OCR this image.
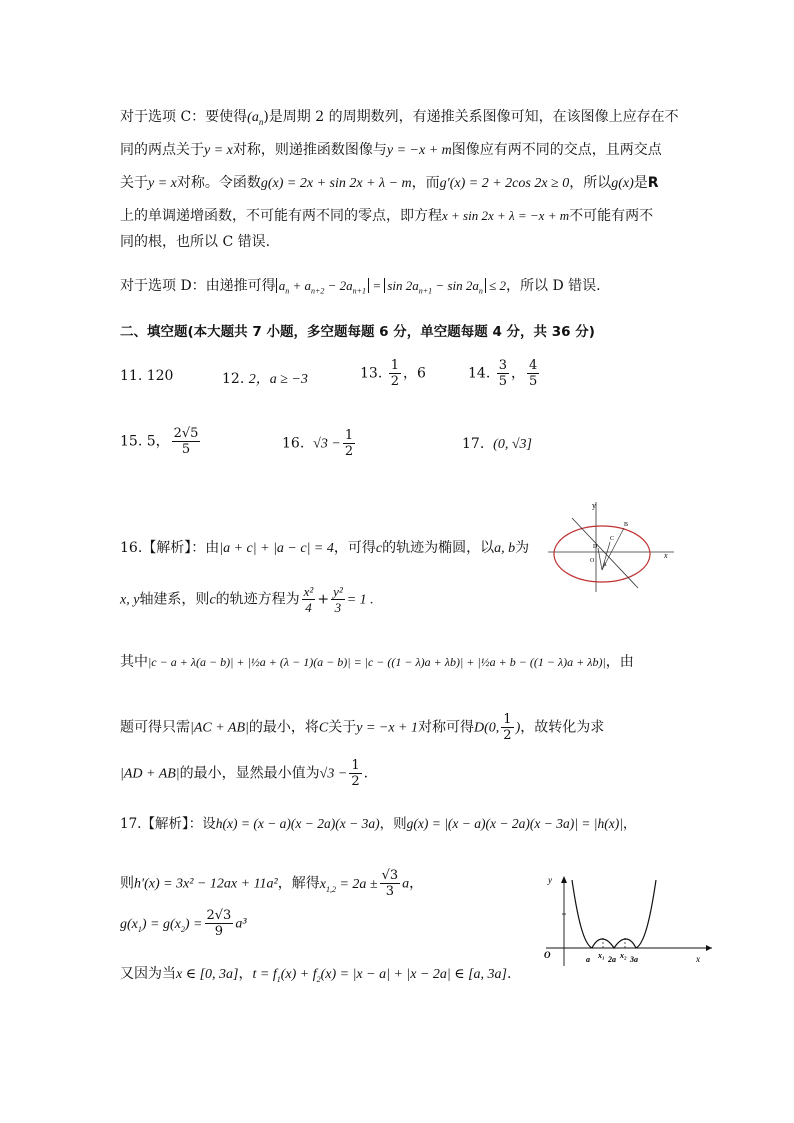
对于选项 C：要使得$(a_n)$是周期 2 的周期数列，有递推关系图像可知，在该图像上应存在不
同的两点关于y = x对称，则递推函数图像与y = −x + m图像应有两不同的交点，且两交点
关于y = x对称。令函数g(x) = 2x + sin 2x + λ − m，而g′(x) = 2 + 2cos 2x ≥ 0，所以g(x)是R
上的单调递增函数，不可能有两不同的零点，即方程x + sin 2x + λ = −x + m不可能有两不
同的根，也所以 C 错误.
对于选项 D：由递推可得 $a_n + a_{n+2} - 2a_{n+1} = \sin 2a_{n+1} - \sin 2a_n \le 2$，所以 D 错误.
二、填空题(本大题共 7 小题，多空题每题 6 分，单空题每题 4 分，共 36 分)
11. 120	12. 2，a ≥ −3	13. $\frac{1}{2}$ ，6	14. $\frac{3}{5}$ ， $\frac{4}{5}$
15. 5， $\frac{2√5}{5}$	16. $√3 - \frac{1}{2}$	17. (0, √3]
16.【解析】：由|a + c| + |a − c| = 4，可得c的轨迹为椭圆，以a, b为
x, y轴建系，则c的轨迹方程为 $\frac{\text{x²}}{4} + \frac{\text{y²}}{3} = 1$ .
其中|c − a + λ(a − b)| + |½a + (λ − 1)(a − b)| = |c − ((1 − λ)a + λb)| + |½a + b − ((1 − λ)a + λb)|，由
题可得只需|AC + AB|的最小，将C关于y = −x + 1对称可得D(0, $\frac{1}{2}$ )，故转化为求
|AD + AB|的最小，显然最小值为$√3 - \frac{1}{2}$ .
17.【解析】：设h(x) = (x − a)(x − 2a)(x − 3a)，则g(x) = |(x − a)(x − 2a)(x − 3a)| = |h(x)|，
则h′(x) = 3x² − 12ax + 11a²，解得$x_{1,2} = 2a \pm \frac{√3}{3}$ a，
$g(x_1) = g(x_2) = \frac{2√3}{9} a^3$
又因为当x ∈ [0, 3a]，$t = f_1(x) + f_2(x) = |x - a| + |x - 2a|$ ∈ [a, 3a].
y
x
O
B
C
D
A
y
x
O	a x₁ 2a x₂ 3a
